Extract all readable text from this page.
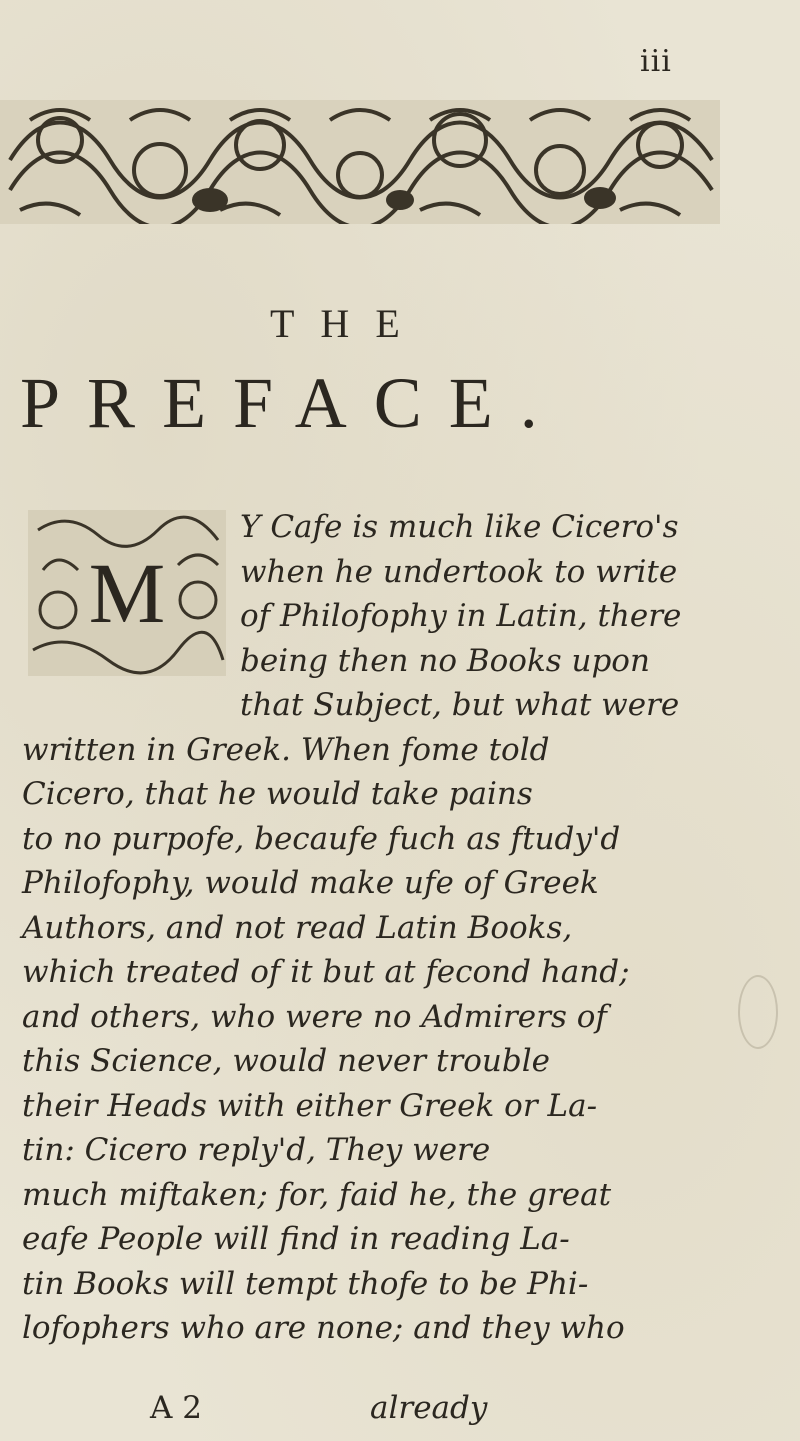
iii
THE
PREFACE.
M
Y Cafe is much like Cicero's
when he undertook to write
of Philofophy in Latin, there
being then no Books upon
that Subject, but what were
written in Greek. When fome told
Cicero, that he would take pains
to no purpofe, becaufe fuch as ftudy'd
Philofophy, would make ufe of Greek
Authors, and not read Latin Books,
which treated of it but at fecond hand;
and others, who were no Admirers of
this Science, would never trouble
their Heads with either Greek or La-
tin: Cicero reply'd, They were
much miftaken; for, faid he, the great
eafe People will find in reading La-
tin Books will tempt thofe to be Phi-
lofophers who are none; and they who
A 2	already
